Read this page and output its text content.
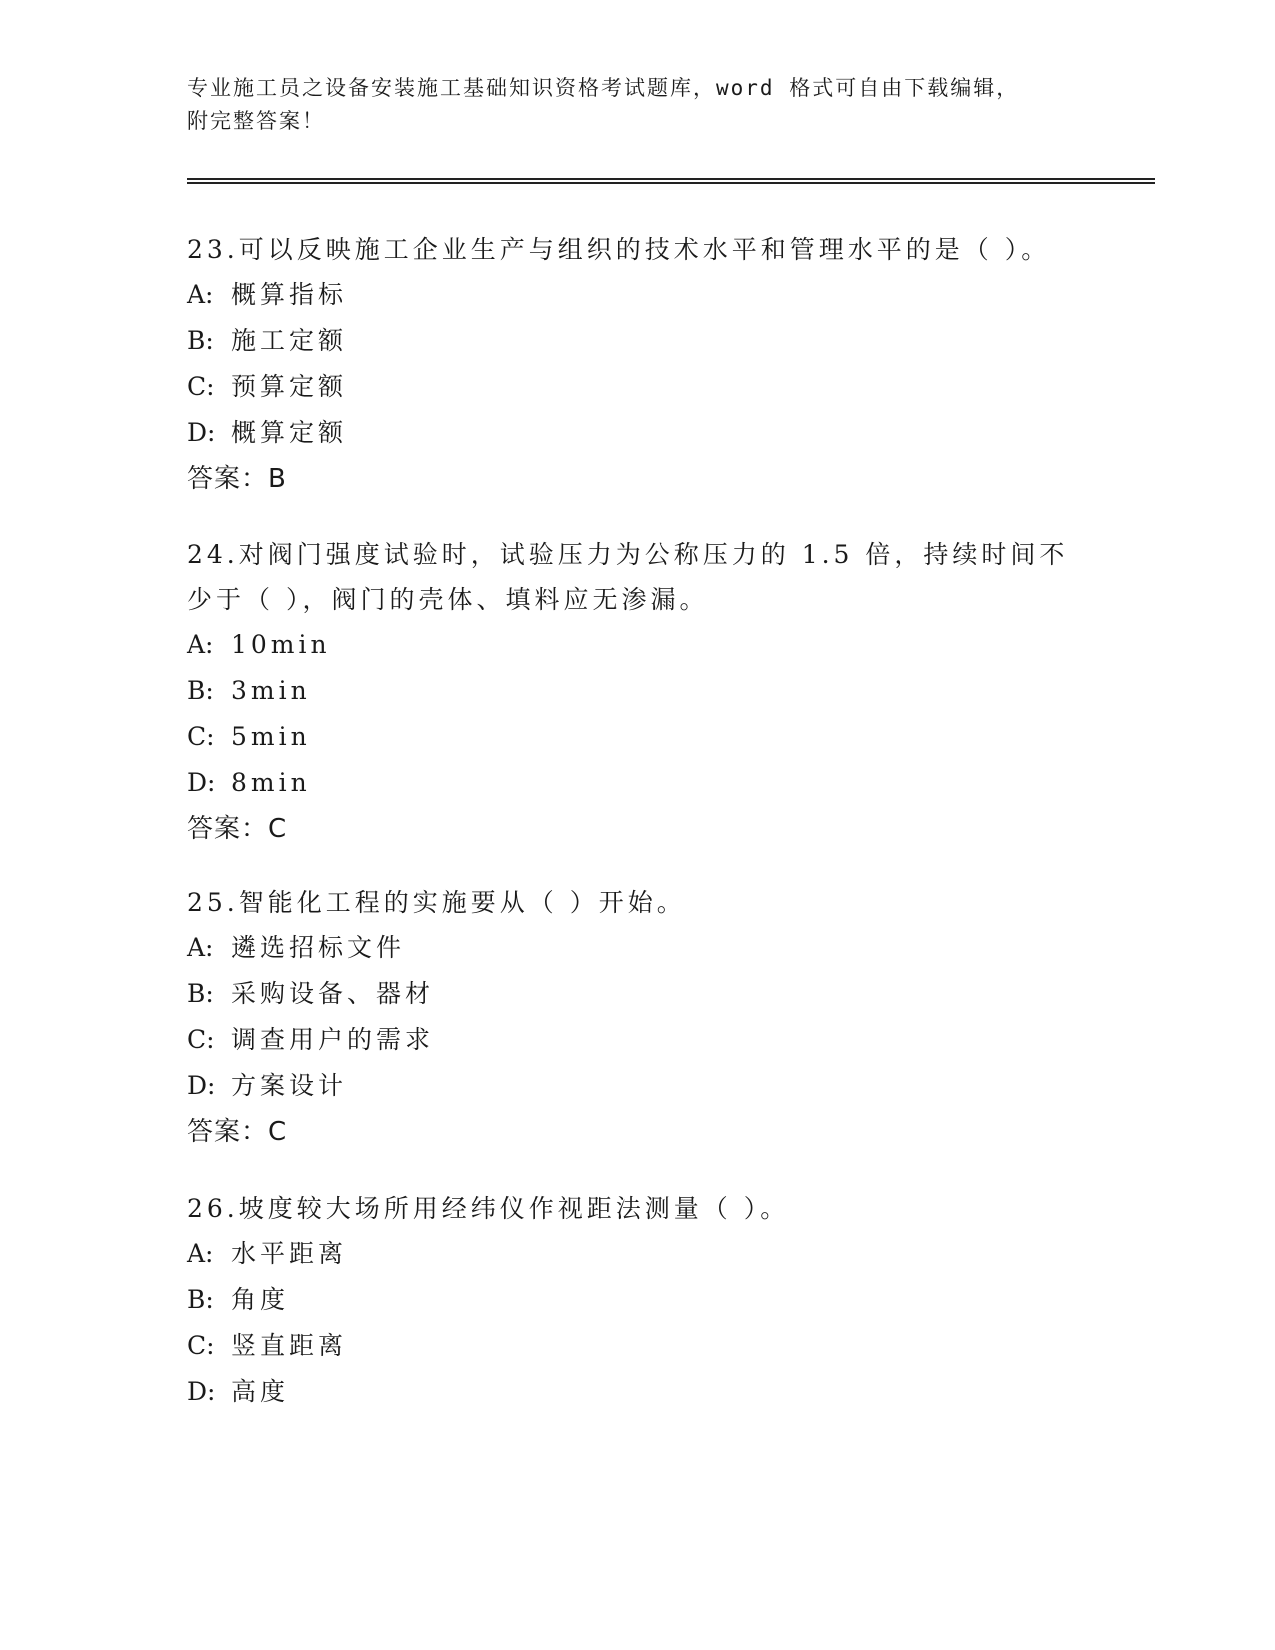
专业施工员之设备安装施工基础知识资格考试题库，word 格式可自由下载编辑，
附完整答案！

23.可以反映施工企业生产与组织的技术水平和管理水平的是（ ）。

A: 概算指标

B: 施工定额

C: 预算定额

D: 概算定额

答案：B

24.对阀门强度试验时，试验压力为公称压力的 1.5 倍，持续时间不少于（ ），阀门的壳体、填料应无渗漏。

A: 10min

B: 3min

C: 5min

D: 8min

答案：C

25.智能化工程的实施要从（ ）开始。

A: 遴选招标文件

B: 采购设备、器材

C: 调查用户的需求

D: 方案设计

答案：C

26.坡度较大场所用经纬仪作视距法测量（ ）。

A: 水平距离

B: 角度

C: 竖直距离

D: 高度
